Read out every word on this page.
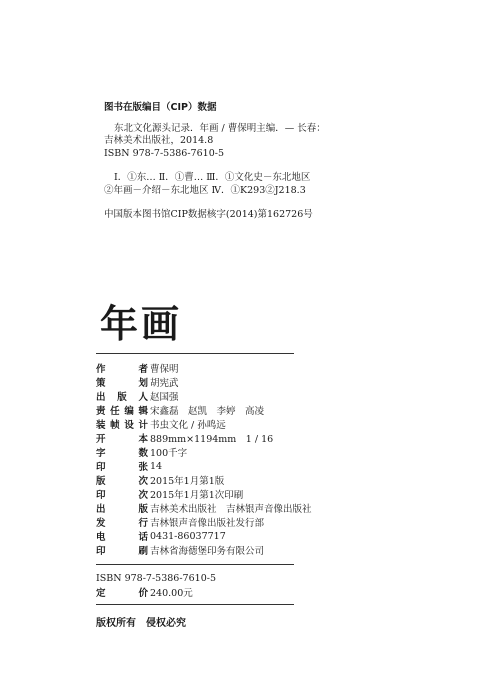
图书在版编目（CIP）数据
东北文化源头记录．年画 / 曹保明主编．— 长春：
吉林美术出版社，2014.8
ISBN 978-7-5386-7610-5
Ⅰ．①东… Ⅱ．①曹… Ⅲ．①文化史－东北地区
②年画－介绍－东北地区 Ⅳ．①K293②J218.3
中国版本图书馆CIP数据核字(2014)第162726号
年画
作	者 曹保明
策	划 胡宪武
出 版 人 赵国强
责 任 编 辑 宋鑫磊　赵凯　李婷　高凌
装 帧 设 计 书虫文化 / 孙鸣远
开	本 889mm×1194mm　1 / 16
字	数 100千字
印	张 14
版	次 2015年1月第1版
印	次 2015年1月第1次印刷
出	版 吉林美术出版社　吉林银声音像出版社
发	行 吉林银声音像出版社发行部
电	话 0431-86037717
印	刷 吉林省海德堡印务有限公司
ISBN 978-7-5386-7610-5
定	价 240.00元
版权所有　侵权必究
